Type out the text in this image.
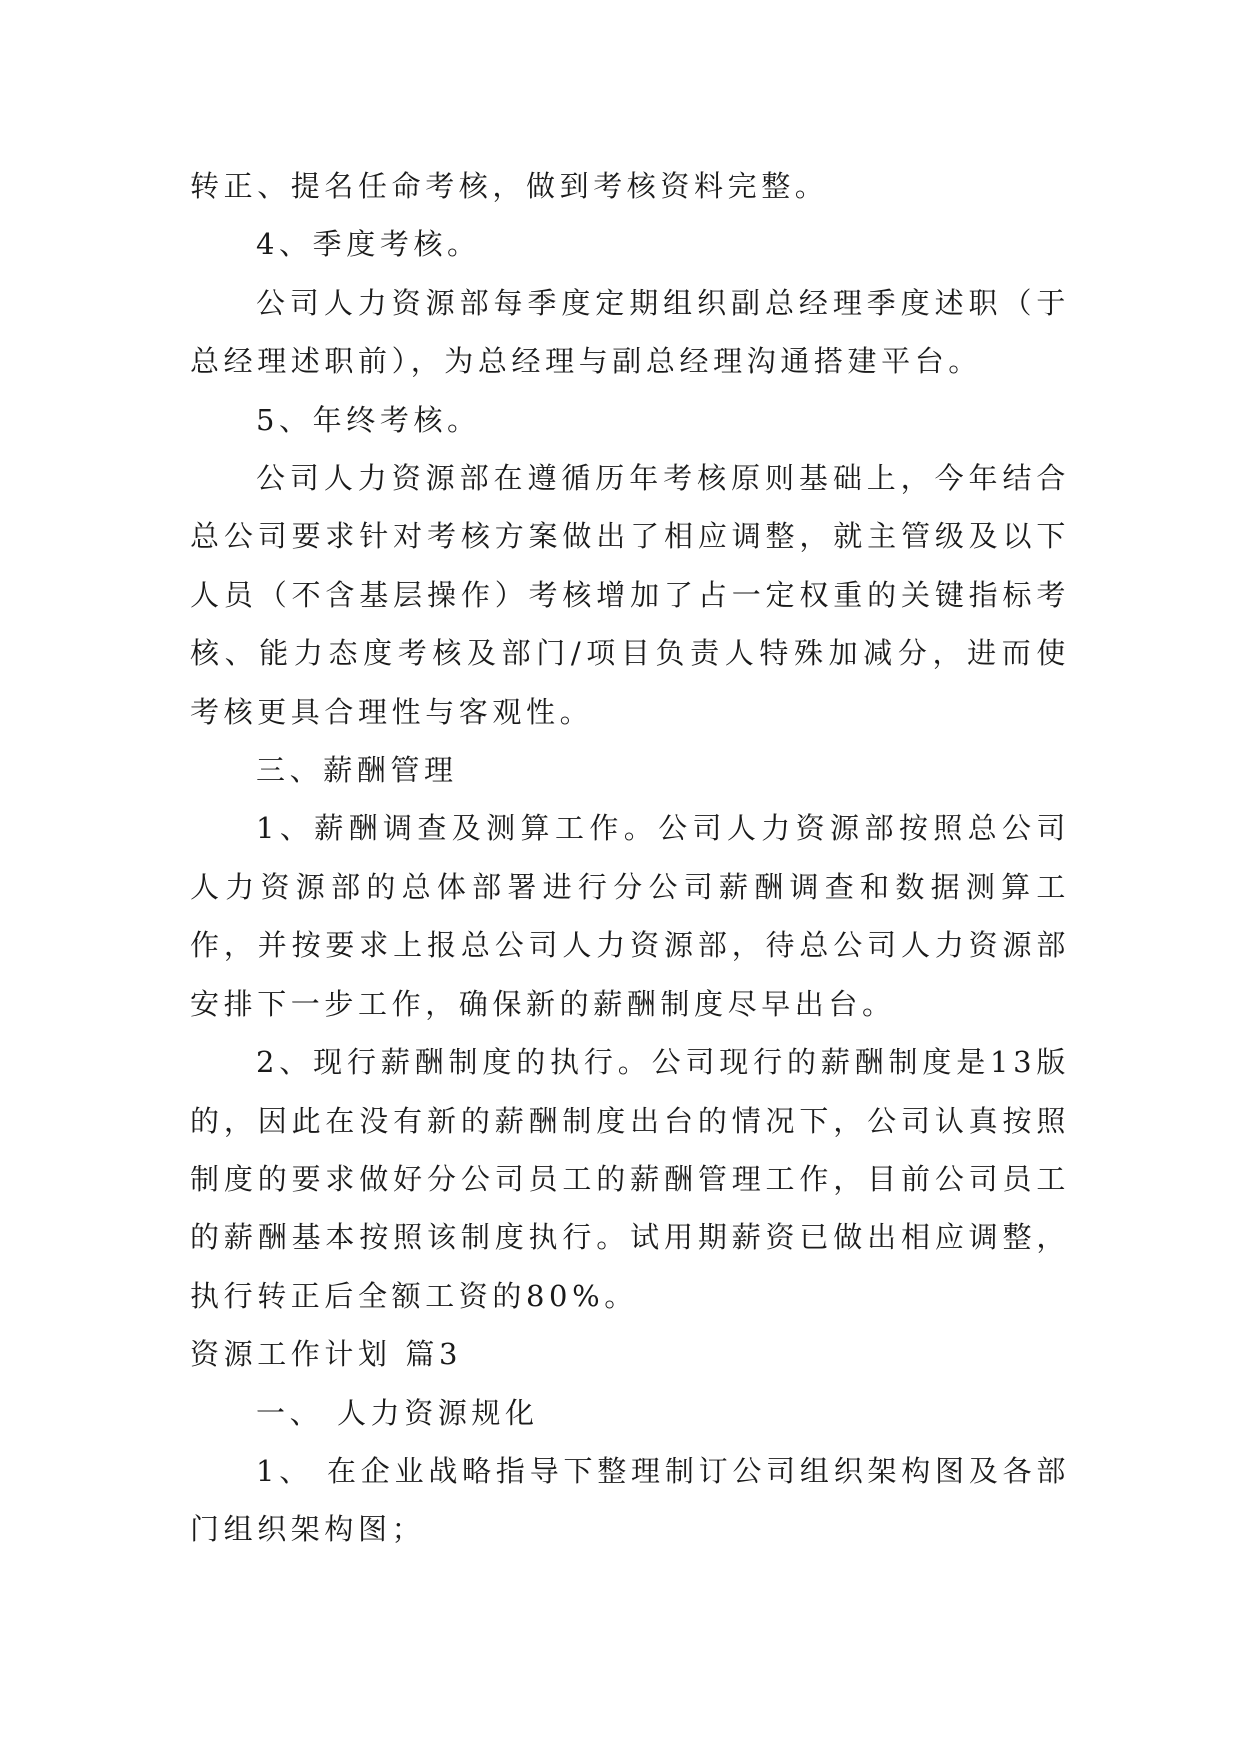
转正、提名任命考核，做到考核资料完整。

4、季度考核。

公司人力资源部每季度定期组织副总经理季度述职（于总经理述职前），为总经理与副总经理沟通搭建平台。

5、年终考核。

公司人力资源部在遵循历年考核原则基础上，今年结合总公司要求针对考核方案做出了相应调整，就主管级及以下人员（不含基层操作）考核增加了占一定权重的关键指标考核、能力态度考核及部门/项目负责人特殊加减分，进而使考核更具合理性与客观性。

三、薪酬管理

1、薪酬调查及测算工作。公司人力资源部按照总公司人力资源部的总体部署进行分公司薪酬调查和数据测算工作，并按要求上报总公司人力资源部，待总公司人力资源部安排下一步工作，确保新的薪酬制度尽早出台。

2、现行薪酬制度的执行。公司现行的薪酬制度是13版的，因此在没有新的薪酬制度出台的情况下，公司认真按照制度的要求做好分公司员工的薪酬管理工作，目前公司员工的薪酬基本按照该制度执行。试用期薪资已做出相应调整，执行转正后全额工资的80%。

资源工作计划 篇3

一、 人力资源规化

1、 在企业战略指导下整理制订公司组织架构图及各部门组织架构图；
